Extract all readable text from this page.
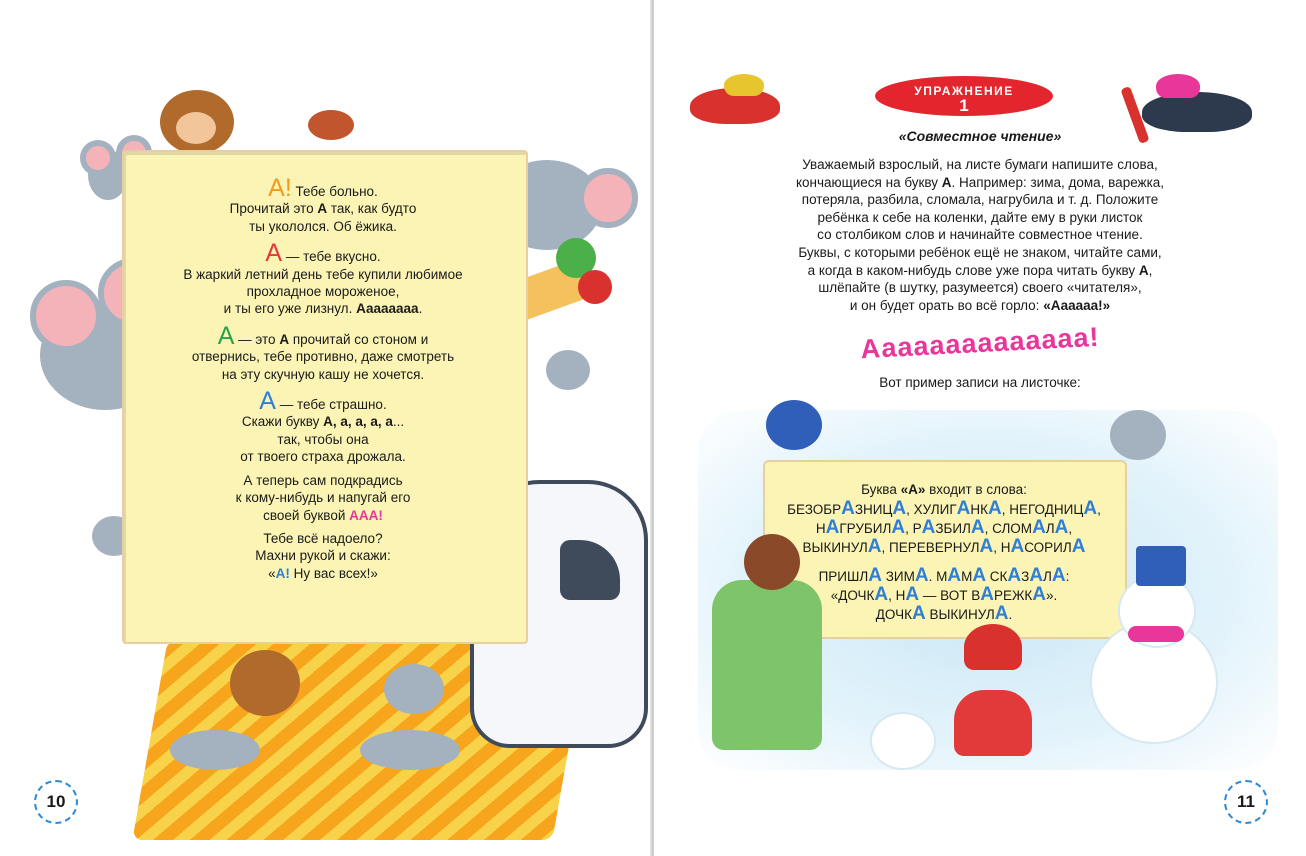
А! Тебе больно.
Прочитай это А так, как будто
ты укололся. Об ёжика.

А — тебе вкусно.
В жаркий летний день тебе купили любимое
прохладное мороженое,
и ты его уже лизнул. Аааааааа.

А — это А прочитай со стоном и
отвернись, тебе противно, даже смотреть
на эту скучную кашу не хочется.

А — тебе страшно.
Скажи букву А, а, а, а, а...
так, чтобы она
от твоего страха дрожала.

А теперь сам подкрадись
к кому-нибудь и напугай его
своей буквой ААА!

Тебе всё надоело?
Махни рукой и скажи:
«А! Ну вас всех!»

10
УПРАЖНЕНИЕ
1
«Совместное чтение»
Уважаемый взрослый, на листе бумаги напишите слова,
кончающиеся на букву А. Например: зима, дома, варежка,
потеряла, разбила, сломала, нагрубила и т. д. Положите
ребёнка к себе на коленки, дайте ему в руки листок
со столбиком слов и начинайте совместное чтение.
Буквы, с которыми ребёнок ещё не знаком, читайте сами,
а когда в каком-нибудь слове уже пора читать букву А,
шлёпайте (в шутку, разумеется) своего «читателя»,
и он будет орать во всё горло: «Аааааа!»
Аааааааааааааа!
Вот пример записи на листочке:
Буква «А» входит в слова:

БЕЗОБРАЗНИЦА, ХУЛИГАНКА, НЕГОДНИЦА,
НАГРУБИЛА, РАЗБИЛА, СЛОМАЛА,
ВЫКИНУЛА, ПЕРЕВЕРНУЛА, НАСОРИЛА

ПРИШЛА ЗИМА. МАМА СКАЗАЛА:
«ДОЧКА, НА — ВОТ ВАРЕЖКА».
ДОЧКА ВЫКИНУЛА.

11
